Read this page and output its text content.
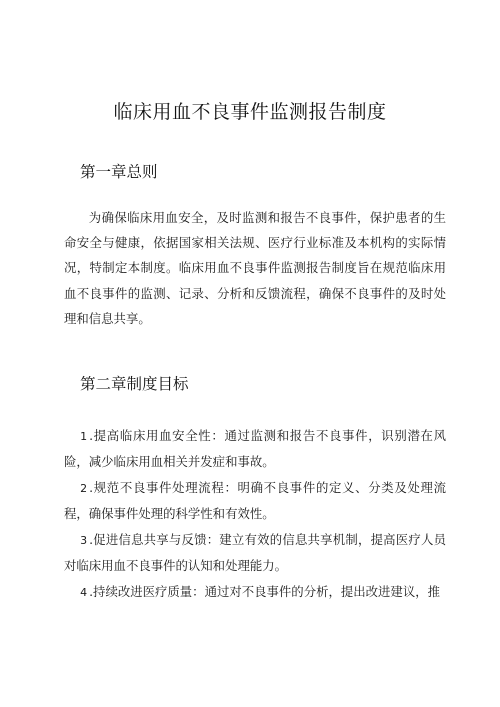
临床用血不良事件监测报告制度
第一章总则

为确保临床用血安全，及时监测和报告不良事件，保护患者的生命安全与健康，依据国家相关法规、医疗行业标准及本机构的实际情况，特制定本制度。临床用血不良事件监测报告制度旨在规范临床用血不良事件的监测、记录、分析和反馈流程，确保不良事件的及时处理和信息共享。

第二章制度目标
1 .提高临床用血安全性：通过监测和报告不良事件，识别潜在风险，减少临床用血相关并发症和事故。
2 .规范不良事件处理流程：明确不良事件的定义、分类及处理流程，确保事件处理的科学性和有效性。
3 .促进信息共享与反馈：建立有效的信息共享机制，提高医疗人员对临床用血不良事件的认知和处理能力。
4 .持续改进医疗质量：通过对不良事件的分析，提出改进建议，推
